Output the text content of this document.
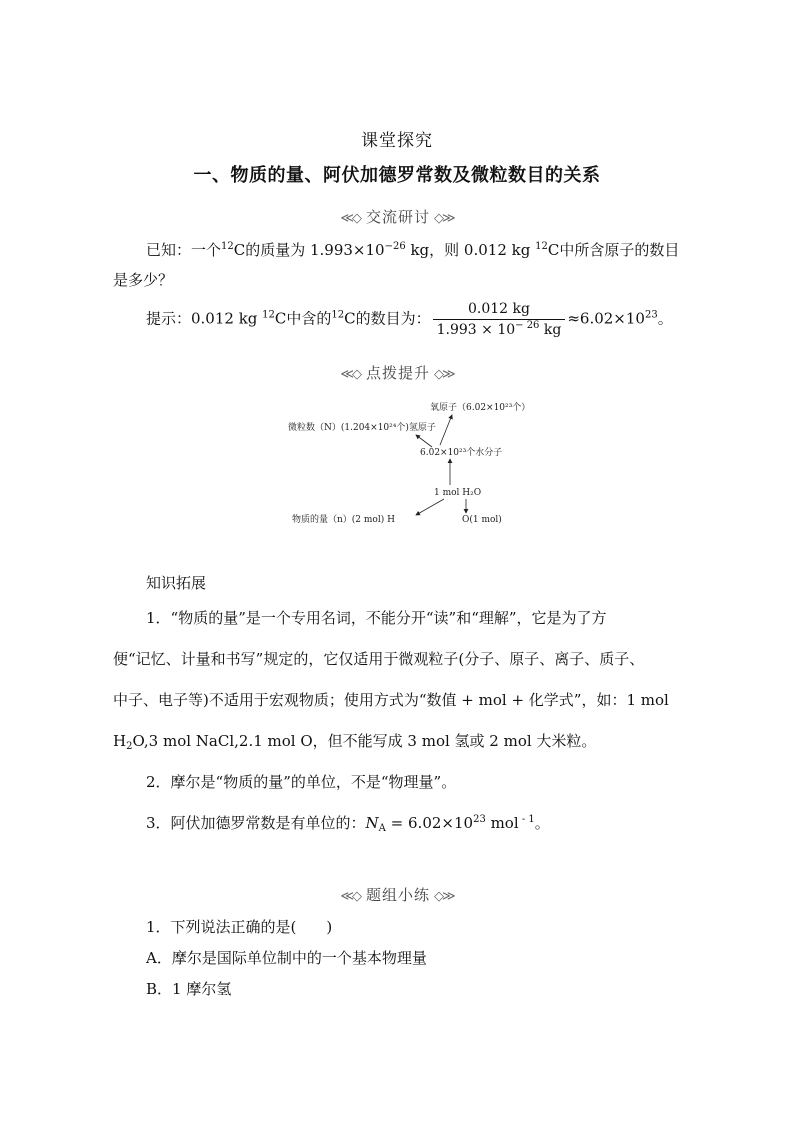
课堂探究
一、物质的量、阿伏加德罗常数及微粒数目的关系
≪◇ 交流研讨 ◇≫
已知：一个$^{12}$C的质量为 $1.993\times 10^{-26}$ kg，则 0.012 kg $^{12}$C中所含原子的数目
是多少？
提示：0.012 kg $^{12}$C中含的$^{12}$C的数目为： $\frac{0.012 kg}{1.993 \times 10^{- 26} kg} \approx 6.02\times 10^{23}$。
≪◇ 点拨提升 ◇≫
氧原子（6.02×10²³个）
微粒数（N）(1.204×10²⁴个)氢原子
6.02×10²³个水分子
1 mol H₂O
物质的量（n）(2 mol) H	O(1 mol)
知识拓展
1．“物质的量”是一个专用名词，不能分开“读”和“理解”，它是为了方
便“记忆、计量和书写”规定的，它仅适用于微观粒子(分子、原子、离子、质子、
中子、电子等)不适用于宏观物质；使用方式为“数值 + mol + 化学式”，如：1 mol
$H_2O,3$ mol NaCl,2.1 mol O，但不能写成 3 mol 氢或 2 mol 大米粒。
2．摩尔是“物质的量”的单位，不是“物理量”。
3．阿伏加德罗常数是有单位的：$N_A = 6.02\times 10^{23}$ mol $^{- 1}$。
≪◇ 题组小练 ◇≫
1．下列说法正确的是(　　)
A．摩尔是国际单位制中的一个基本物理量
B．1 摩尔氢
